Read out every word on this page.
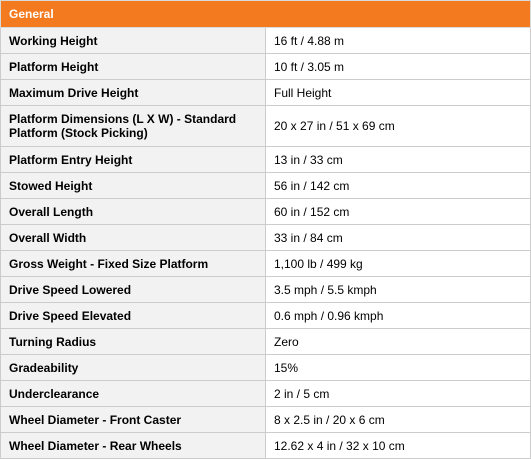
General	
Working Height	16 ft / 4.88 m
Platform Height	10 ft / 3.05 m
Maximum Drive Height	Full Height
Platform Dimensions (L X W) - Standard Platform (Stock Picking)	20 x 27 in / 51 x 69 cm
Platform Entry Height	13 in / 33 cm
Stowed Height	56 in / 142 cm
Overall Length	60 in / 152 cm
Overall Width	33 in / 84 cm
Gross Weight - Fixed Size Platform	1,100 lb / 499 kg
Drive Speed Lowered	3.5 mph / 5.5 kmph
Drive Speed Elevated	0.6 mph / 0.96 kmph
Turning Radius	Zero
Gradeability	15%
Underclearance	2 in / 5 cm
Wheel Diameter - Front Caster	8 x 2.5 in / 20 x 6 cm
Wheel Diameter - Rear Wheels	12.62 x 4 in / 32 x 10 cm
